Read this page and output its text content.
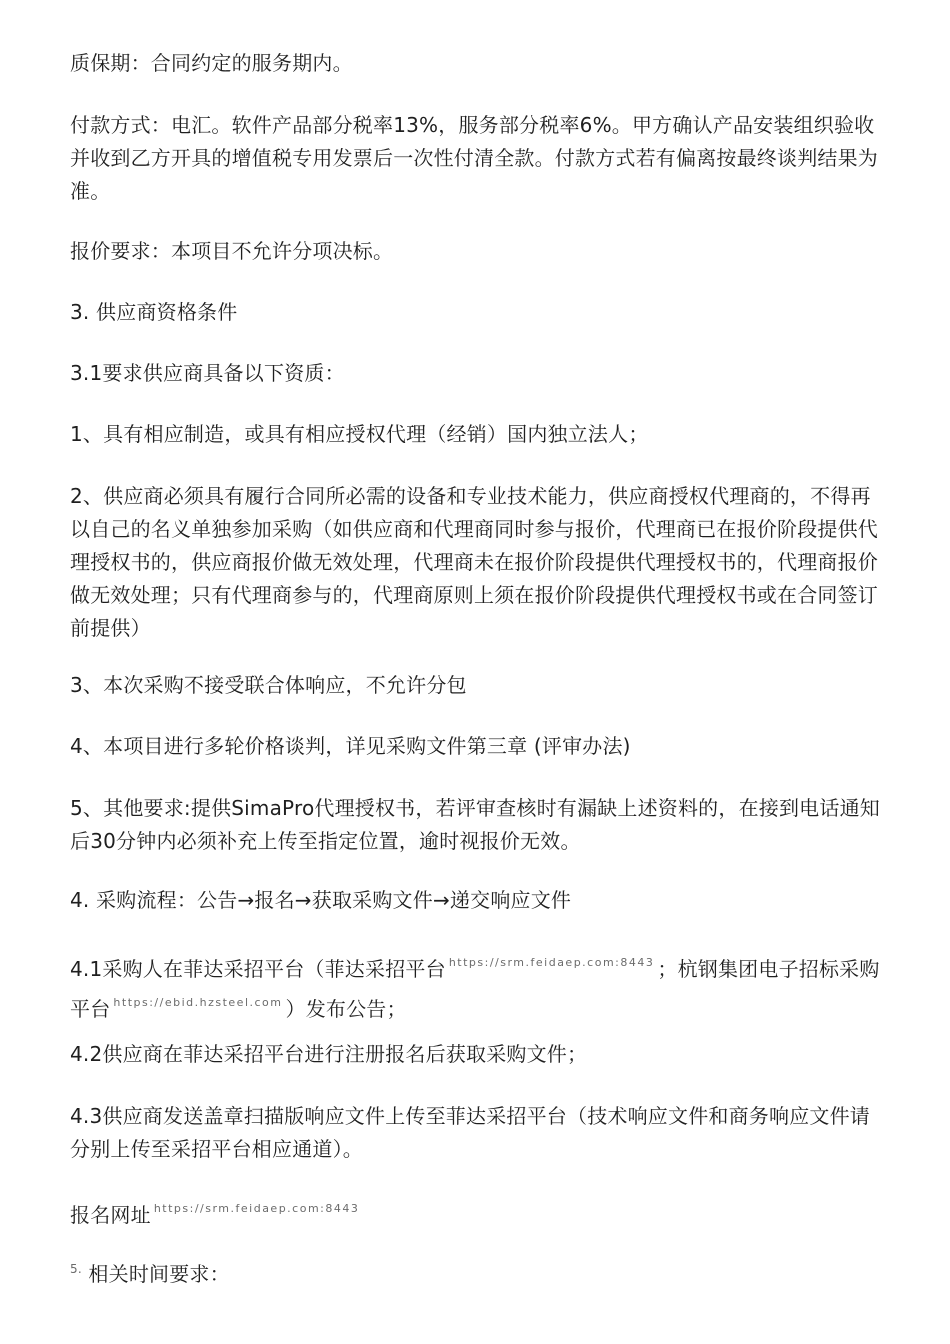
质保期：合同约定的服务期内。

付款方式：电汇。软件产品部分税率13%，服务部分税率6%。甲方确认产品安装组织验收并收到乙方开具的增值税专用发票后一次性付清全款。付款方式若有偏离按最终谈判结果为准。

报价要求：本项目不允许分项决标。

3. 供应商资格条件

3.1要求供应商具备以下资质：

1、具有相应制造，或具有相应授权代理（经销）国内独立法人；

2、供应商必须具有履行合同所必需的设备和专业技术能力，供应商授权代理商的，不得再以自己的名义单独参加采购（如供应商和代理商同时参与报价，代理商已在报价阶段提供代理授权书的，供应商报价做无效处理，代理商未在报价阶段提供代理授权书的，代理商报价做无效处理；只有代理商参与的，代理商原则上须在报价阶段提供代理授权书或在合同签订前提供）

3、本次采购不接受联合体响应，不允许分包

4、本项目进行多轮价格谈判，详见采购文件第三章 (评审办法)

5、其他要求:提供SimaPro代理授权书，若评审查核时有漏缺上述资料的，在接到电话通知后30分钟内必须补充上传至指定位置，逾时视报价无效。

4. 采购流程：公告→报名→获取采购文件→递交响应文件

4.1采购人在菲达采招平台（菲达采招平台 $^{https://srm.feidaep.com:8443}$ ；杭钢集团电子招标采购平台 $^{https://ebid.hzsteel.com}$ ）发布公告；

4.2供应商在菲达采招平台进行注册报名后获取采购文件；

4.3供应商发送盖章扫描版响应文件上传至菲达采招平台（技术响应文件和商务响应文件请分别上传至采招平台相应通道）。

报名网址 $^{https://srm.feidaep.com:8443}$

$^{5.}$ 相关时间要求：
